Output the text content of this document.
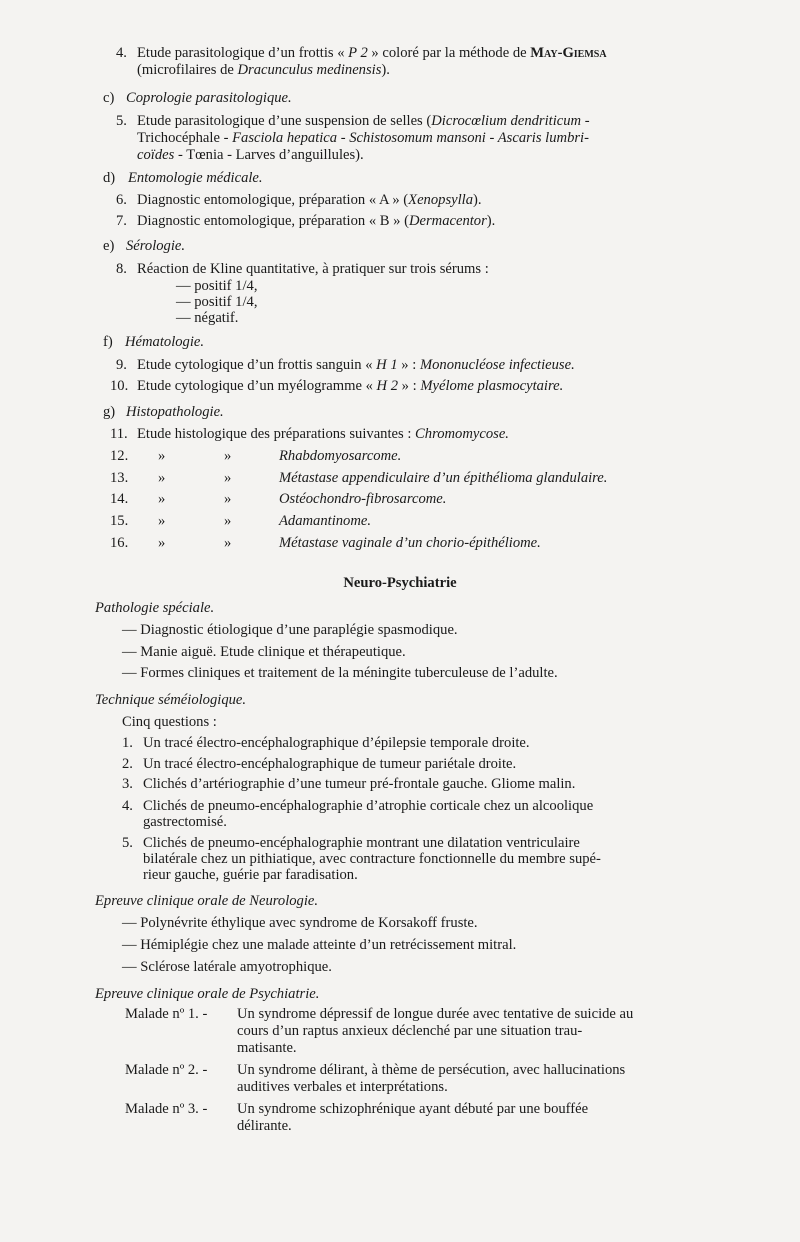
4. Etude parasitologique d’un frottis « P 2 » coloré par la méthode de May-Giemsa
(microfilaires de Dracunculus medinensis).
c) Coprologie parasitologique.
5. Etude parasitologique d’une suspension de selles (Dicrocœlium dendriticum -
Trichocéphale - Fasciola hepatica - Schistosomum mansoni - Ascaris lumbri-
coïdes - Tœnia - Larves d’anguillules).
d) Entomologie médicale.
6. Diagnostic entomologique, préparation « A » (Xenopsylla).
7. Diagnostic entomologique, préparation « B » (Dermacentor).
e) Sérologie.
8. Réaction de Kline quantitative, à pratiquer sur trois sérums :
— positif 1/4,
— positif 1/4,
— négatif.
f) Hématologie.
9. Etude cytologique d’un frottis sanguin « H 1 » : Mononucléose infectieuse.
10. Etude cytologique d’un myélogramme « H 2 » : Myélome plasmocytaire.
g) Histopathologie.
11. Etude histologique des préparations suivantes : Chromomycose.
12. »	»	Rhabdomyosarcome.
13. »	»	Métastase appendiculaire d’un épithélioma glandulaire.
14. »	»	Ostéochondro-fibrosarcome.
15. »	»	Adamantinome.
16. »	»	Métastase vaginale d’un chorio-épithéliome.
Neuro-Psychiatrie
Pathologie spéciale.
— Diagnostic étiologique d’une paraplégie spasmodique.
— Manie aiguë. Etude clinique et thérapeutique.
— Formes cliniques et traitement de la méningite tuberculeuse de l’adulte.
Technique séméiologique.
Cinq questions :
1. Un tracé électro-encéphalographique d’épilepsie temporale droite.
2. Un tracé électro-encéphalographique de tumeur pariétale droite.
3. Clichés d’artériographie d’une tumeur pré-frontale gauche. Gliome malin.
4. Clichés de pneumo-encéphalographie d’atrophie corticale chez un alcoolique
gastrectomisé.
5. Clichés de pneumo-encéphalographie montrant une dilatation ventriculaire
bilatérale chez un pithiatique, avec contracture fonctionnelle du membre supé-
rieur gauche, guérie par faradisation.
Epreuve clinique orale de Neurologie.
— Polynévrite éthylique avec syndrome de Korsakoff fruste.
— Hémiplégie chez une malade atteinte d’un retrécissement mitral.
— Sclérose latérale amyotrophique.
Epreuve clinique orale de Psychiatrie.
Malade nº 1. - Un syndrome dépressif de longue durée avec tentative de suicide au
cours d’un raptus anxieux déclenché par une situation trau-
matisante.
Malade nº 2. - Un syndrome délirant, à thème de persécution, avec hallucinations
auditives verbales et interprétations.
Malade nº 3. - Un syndrome schizophrénique ayant débuté par une bouffée
délirante.
